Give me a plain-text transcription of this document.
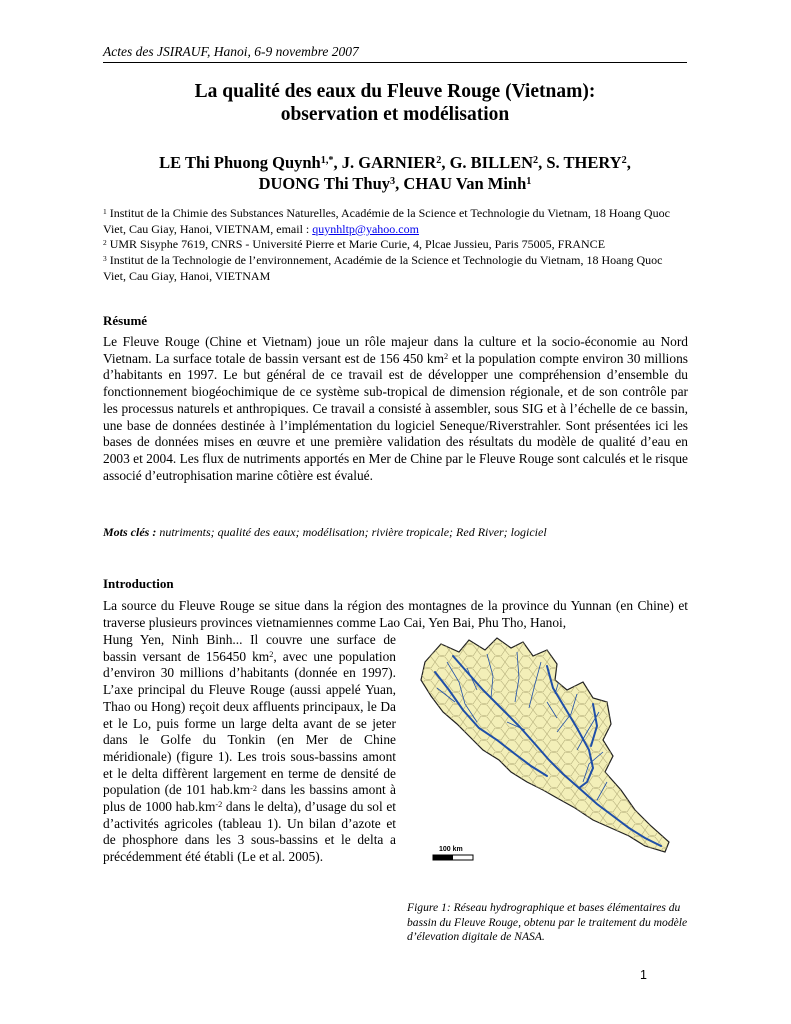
Actes des JSIRAUF, Hanoi, 6-9 novembre 2007
La qualité des eaux du Fleuve Rouge (Vietnam):
observation et modélisation
LE Thi Phuong Quynh$^{1,*}$, J. GARNIER$^2$, G. BILLEN$^2$, S. THERY$^2$,
DUONG Thi Thuy$^3$, CHAU Van Minh$^1$

$^1$ Institut de la Chimie des Substances Naturelles, Académie de la Science et Technologie du Vietnam, 18 Hoang Quoc Viet, Cau Giay, Hanoi, VIETNAM, email : quynhltp@yahoo.com

$^2$ UMR Sisyphe 7619, CNRS - Université Pierre et Marie Curie, 4, Plcae Jussieu, Paris 75005, FRANCE

$^3$ Institut de la Technologie de l’environnement, Académie de la Science et Technologie du Vietnam, 18 Hoang Quoc Viet, Cau Giay, Hanoi, VIETNAM

Résumé
Le Fleuve Rouge (Chine et Vietnam) joue un rôle majeur dans la culture et la socio-économie au Nord Vietnam. La surface totale de bassin versant est de 156 450 $km^2$ et la population compte environ 30 millions d’habitants en 1997. Le but général de ce travail est de développer une compréhension d’ensemble du fonctionnement biogéochimique de ce système sub-tropical de dimension régionale, et de son contrôle par les processus naturels et anthropiques. Ce travail a consisté à assembler, sous SIG et à l’échelle de ce bassin, une base de données destinée à l’implémentation du logiciel Seneque/Riverstrahler. Sont présentées ici les bases de données mises en œuvre et une première validation des résultats du modèle de qualité d’eau en 2003 et 2004. Les flux de nutriments apportés en Mer de Chine par le Fleuve Rouge sont calculés et le risque associé d’eutrophisation marine côtière est évalué.
Mots clés : nutriments; qualité des eaux; modélisation; rivière tropicale; Red River; logiciel
Introduction
La source du Fleuve Rouge se situe dans la région des montagnes de la province du Yunnan (en Chine) et traverse plusieurs provinces vietnamiennes comme Lao Cai, Yen Bai, Phu Tho, Hanoi,
Hung Yen, Ninh Binh... Il couvre une surface de bassin versant de 156450 $km^2$, avec une population d’environ 30 millions d’habitants (donnée en 1997). L’axe principal du Fleuve Rouge (aussi appelé Yuan, Thao ou Hong) reçoit deux affluents principaux, le Da et le Lo, puis forme un large delta avant de se jeter dans le Golfe du Tonkin (en Mer de Chine méridionale) (figure 1). Les trois sous-bassins amont et le delta diffèrent largement en terme de densité de population (de 101 $hab.km^{-2}$ dans les bassins amont à plus de 1000 $hab.km^{-2}$ dans le delta), d’usage du sol et d’activités agricoles (tableau 1). Un bilan d’azote et de phosphore dans les 3 sous-bassins et le delta a précédemment été établi (Le et al. 2005).	100 km
Figure 1: Réseau hydrographique et bases élémentaires du bassin du Fleuve Rouge, obtenu par le traitement du modèle d’élevation digitale de NASA.
1
